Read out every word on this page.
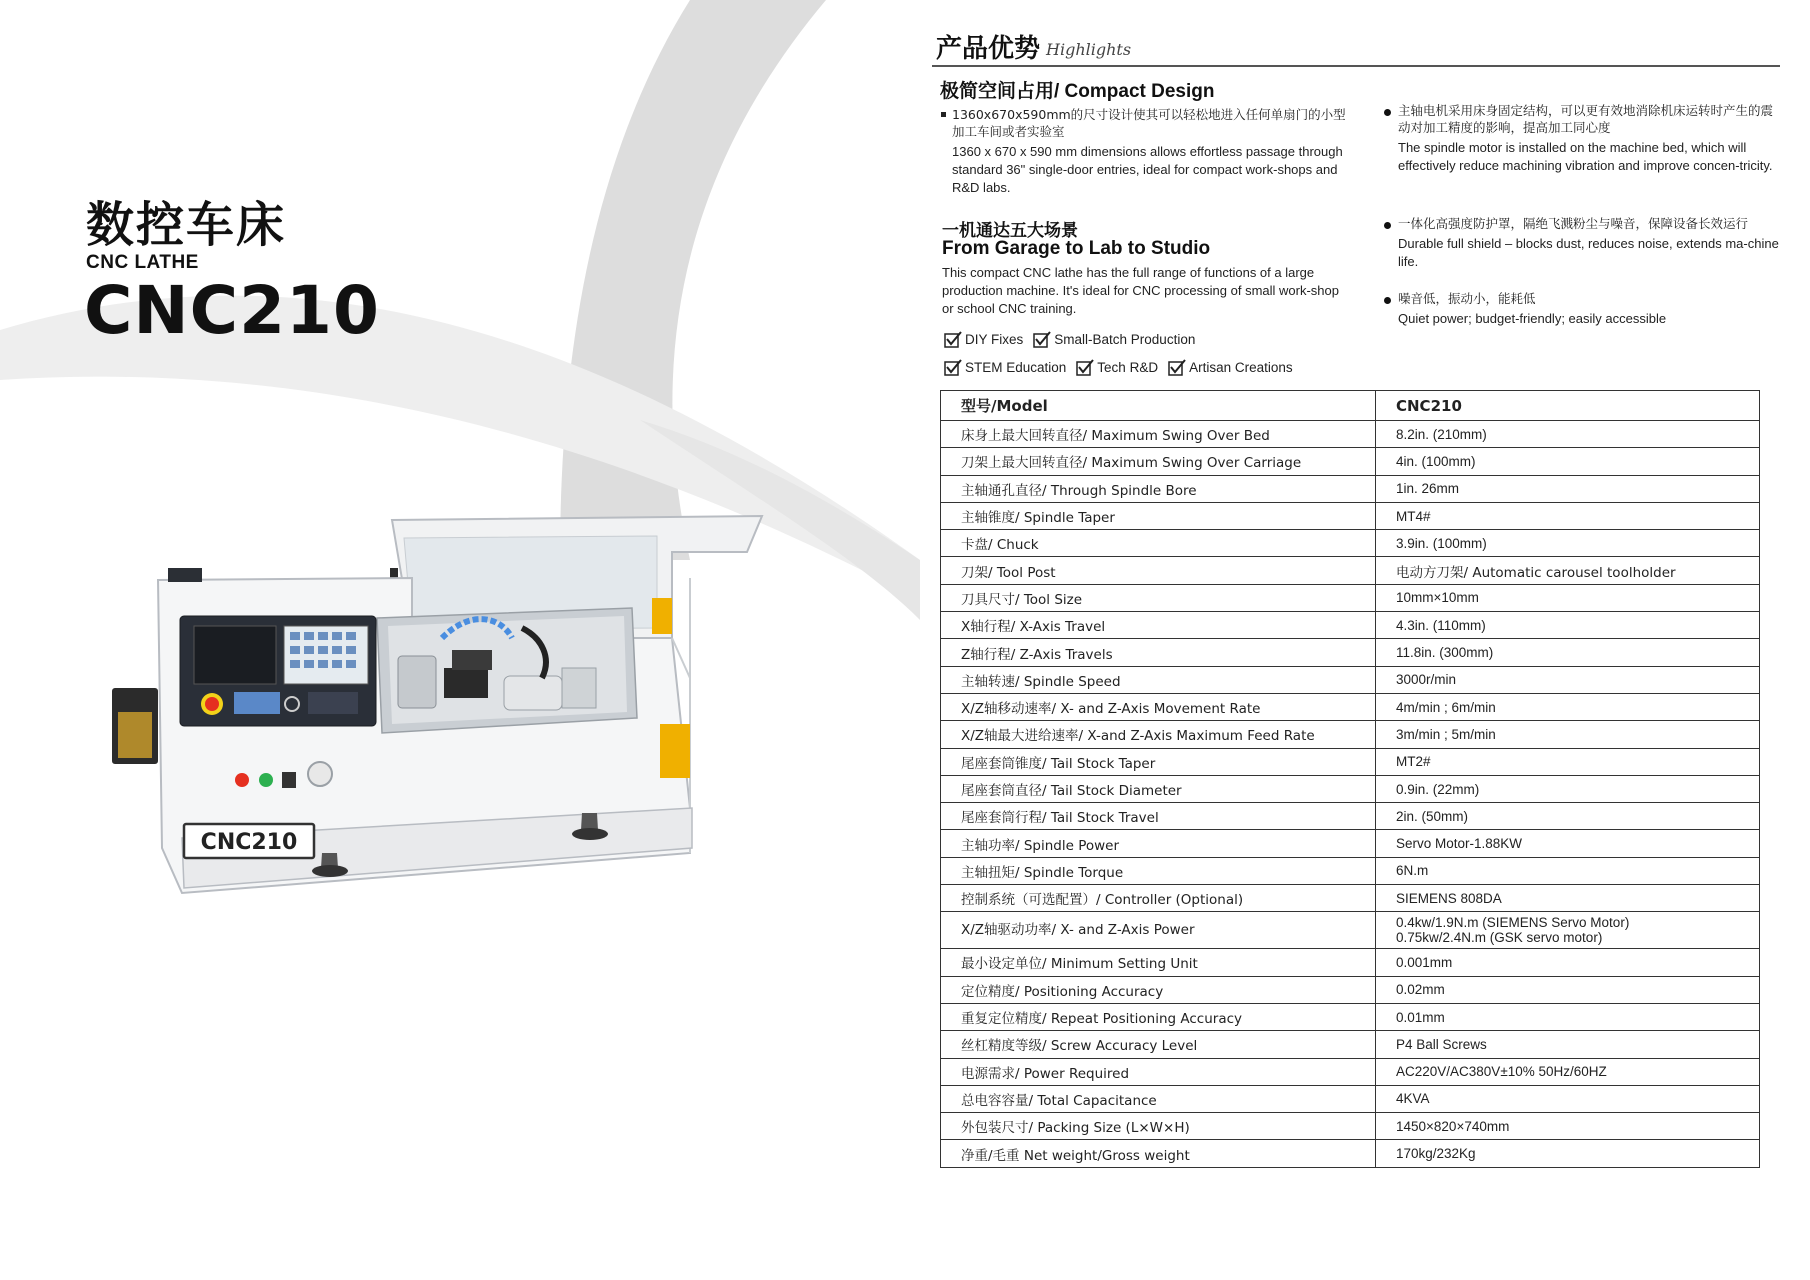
数控车床
CNC LATHE
CNC210
CNC210
产品优势 Highlights
极简空间占用/ Compact Design
1360x670x590mm的尺寸设计使其可以轻松地进入任何单扇门的小型加工车间或者实验室
1360 x 670 x 590 mm dimensions allows effortless passage through standard 36" single-door entries, ideal for compact work-shops and R&D labs.
一机通达五大场景
From Garage to Lab to Studio
This compact CNC lathe has the full range of functions of a large production machine. It's ideal for CNC processing of small work-shop or school CNC training.
DIY Fixes Small-Batch Production
STEM Education Tech R&D Artisan Creations
主轴电机采用床身固定结构，可以更有效地消除机床运转时产生的震动对加工精度的影响，提高加工同心度
The spindle motor is installed on the machine bed, which will effectively reduce machining vibration and improve concen-tricity.
一体化高强度防护罩，隔绝飞溅粉尘与噪音，保障设备长效运行
Durable full shield – blocks dust, reduces noise, extends ma-chine life.
噪音低，振动小，能耗低
Quiet power; budget-friendly; easily accessible
型号/Model	CNC210
床身上最大回转直径/ Maximum Swing Over Bed	8.2in. (210mm)
刀架上最大回转直径/ Maximum Swing Over Carriage	4in. (100mm)
主轴通孔直径/ Through Spindle Bore	1in. 26mm
主轴锥度/ Spindle Taper	MT4#
卡盘/ Chuck	3.9in. (100mm)
刀架/ Tool Post	电动方刀架/ Automatic carousel toolholder
刀具尺寸/ Tool Size	10mm×10mm
X轴行程/ X-Axis Travel	4.3in. (110mm)
Z轴行程/ Z-Axis Travels	11.8in. (300mm)
主轴转速/ Spindle Speed	3000r/min
X/Z轴移动速率/ X- and Z-Axis Movement Rate	4m/min ; 6m/min
X/Z轴最大进给速率/ X-and Z-Axis Maximum Feed Rate	3m/min ; 5m/min
尾座套筒锥度/ Tail Stock Taper	MT2#
尾座套筒直径/ Tail Stock Diameter	0.9in. (22mm)
尾座套筒行程/ Tail Stock Travel	2in. (50mm)
主轴功率/ Spindle Power	Servo Motor-1.88KW
主轴扭矩/ Spindle Torque	6N.m
控制系统（可选配置）/ Controller (Optional)	SIEMENS 808DA
X/Z轴驱动功率/ X- and Z-Axis Power	0.4kw/1.9N.m (SIEMENS Servo Motor)
0.75kw/2.4N.m (GSK servo motor)

最小设定单位/ Minimum Setting Unit	0.001mm
定位精度/ Positioning Accuracy	0.02mm
重复定位精度/ Repeat Positioning Accuracy	0.01mm
丝杠精度等级/ Screw Accuracy Level	P4 Ball Screws
电源需求/ Power Required	AC220V/AC380V±10% 50Hz/60HZ
总电容容量/ Total Capacitance	4KVA
外包装尺寸/ Packing Size (L×W×H)	1450×820×740mm
净重/毛重 Net weight/Gross weight	170kg/232Kg
